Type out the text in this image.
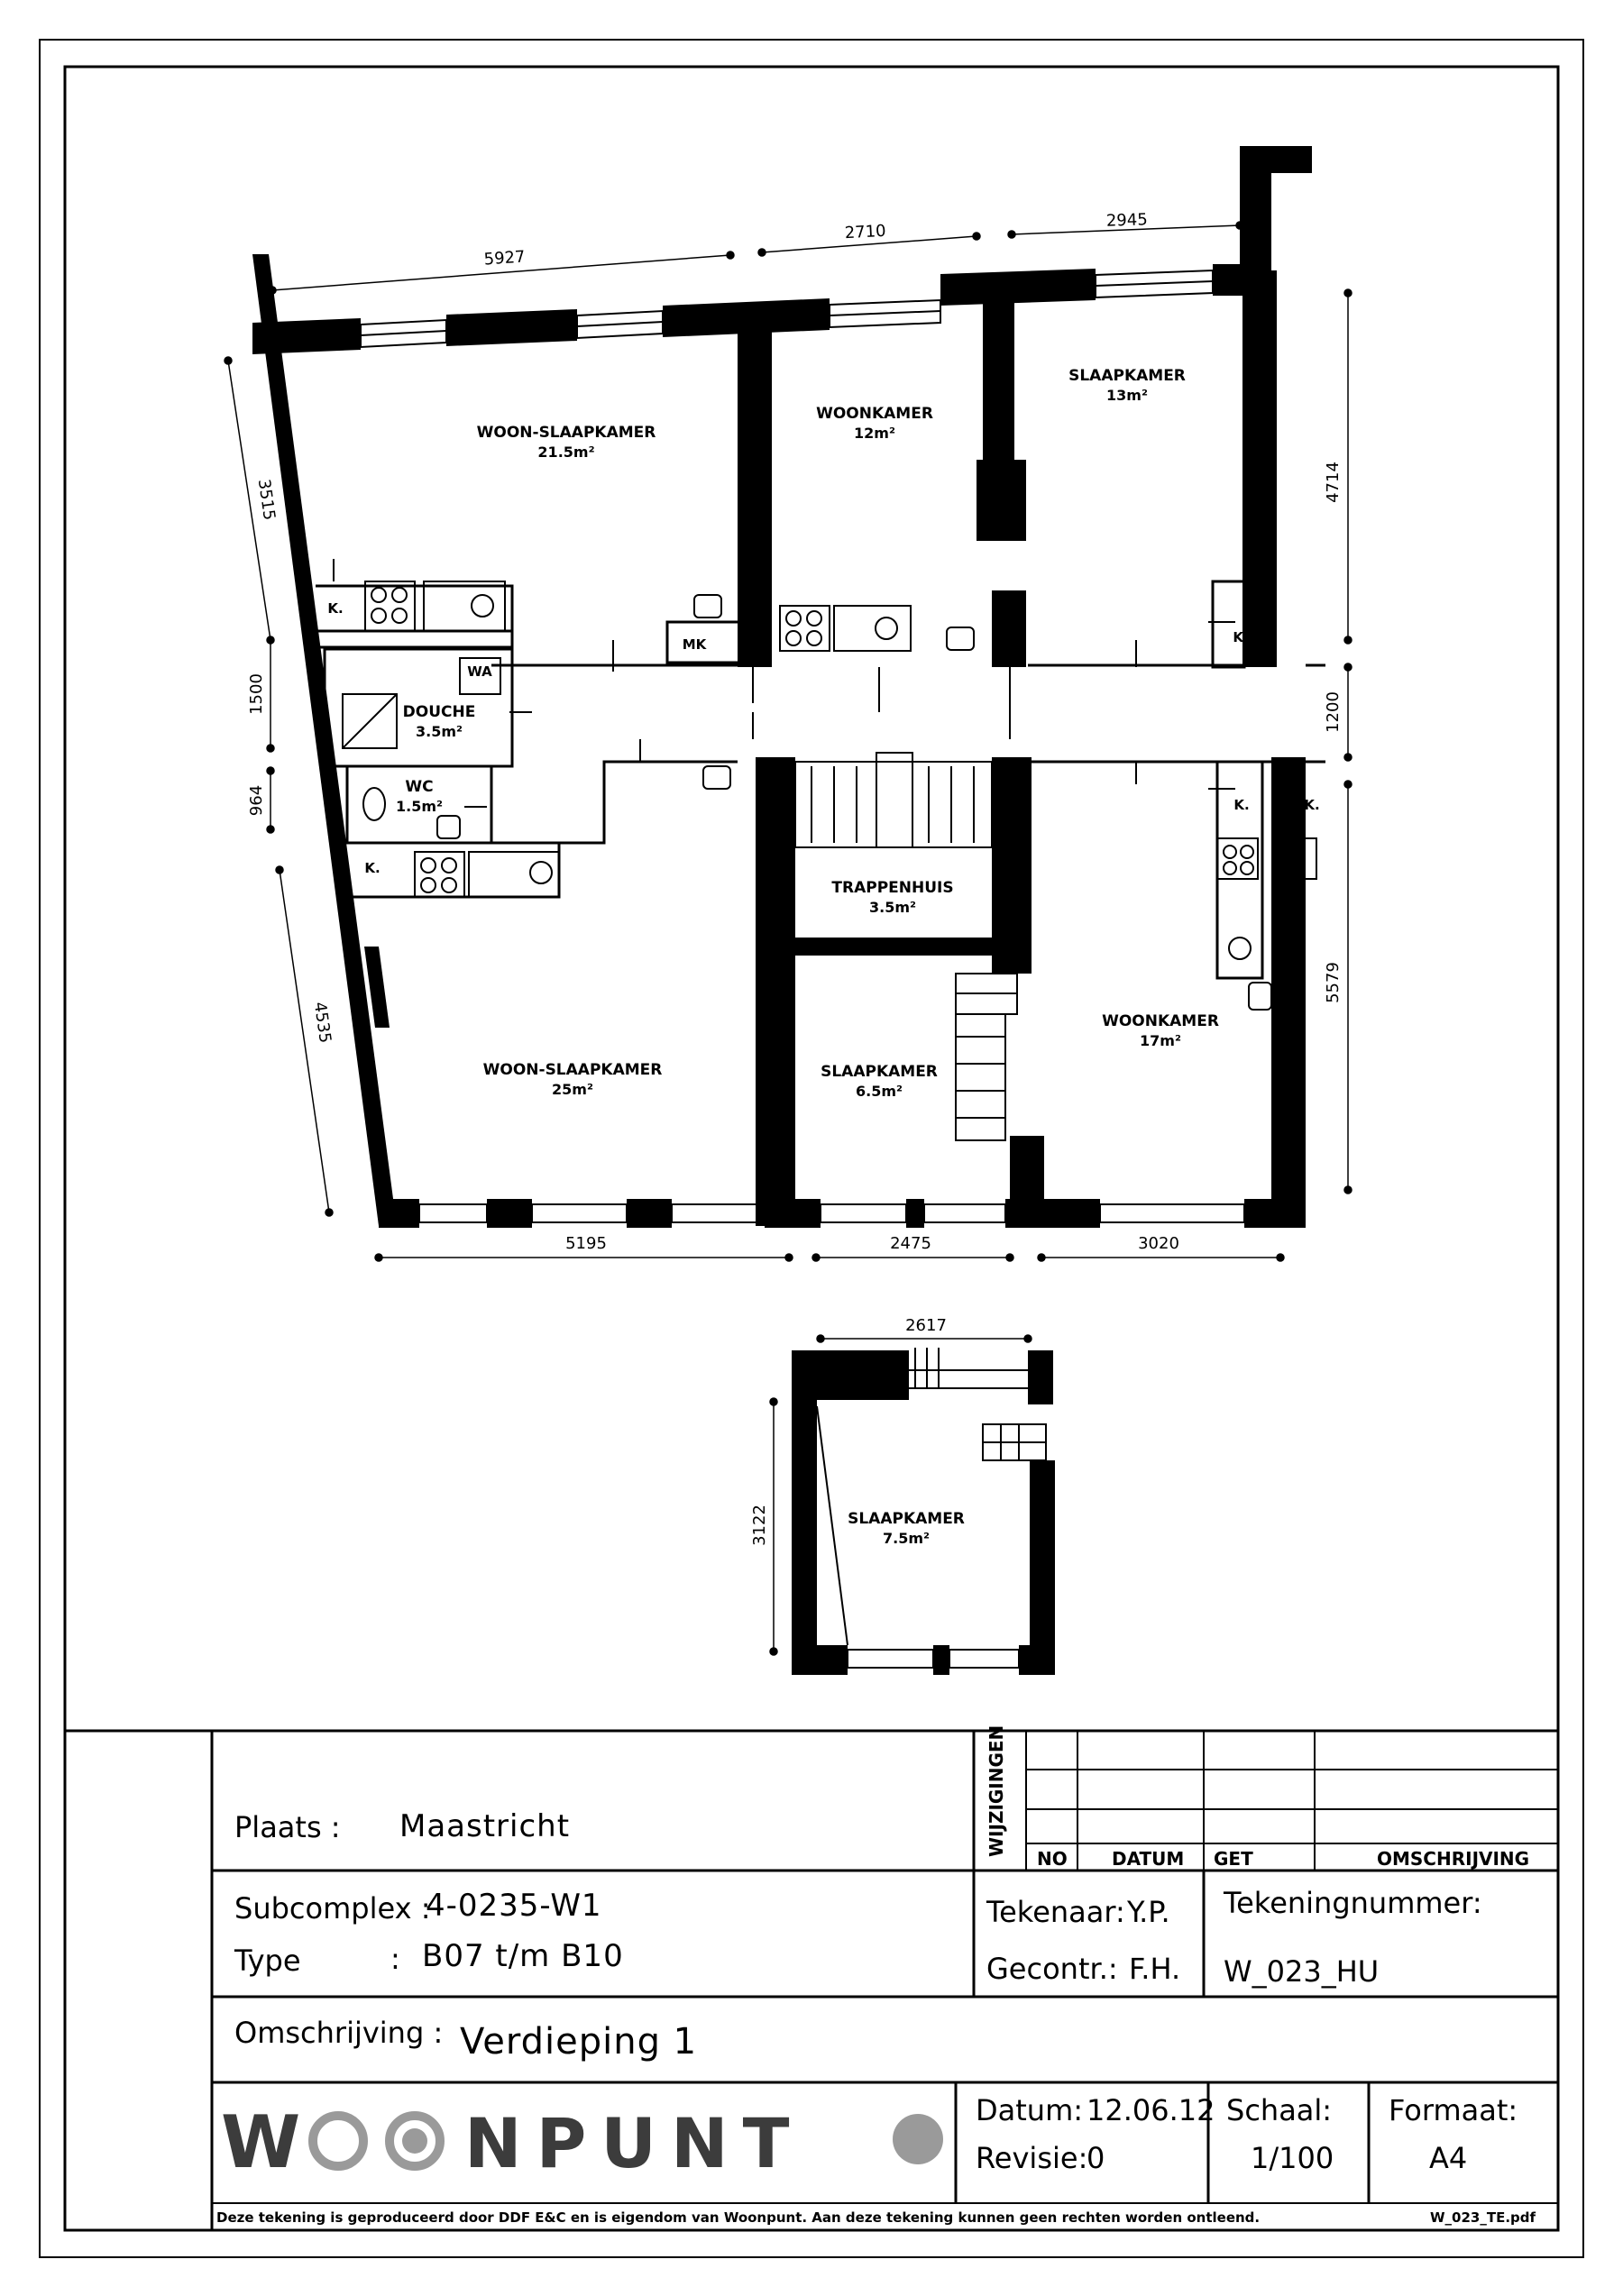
5927
2710
2945
5195	2475	3020
3515
1500
964
4535
4714
1200
5579
WOON-SLAAPKAMER
21.5m²
WOONKAMER
12m²
SLAAPKAMER
13m²
DOUCHE
3.5m²
WC
1.5m²
TRAPPENHUIS
3.5m²
WOON-SLAAPKAMER
25m²
SLAAPKAMER
6.5m²
WOONKAMER
17m²
K.
K.
K.
K.	K.
WA
MK
2617
3122	SLAAPKAMER
7.5m²
Plaats : Maastricht	WIJZIGINGEN
NO DATUM GET	OMSCHRIJVING
Subcomplex :
4-0235-W1
Type	: B07 t/m B10
Tekenaar: Y.P.
Gecontr.: F.H.
Tekeningnummer:
W_023_HU
Omschrijving : Verdieping 1
W NPUNT	Datum: 12.06.12
Revisie:
0
Schaal:
1/100
Formaat:
A4
Deze tekening is geproduceerd door DDF E&C en is eigendom van Woonpunt. Aan deze tekening kunnen geen rechten worden ontleend.	W_023_TE.pdf
